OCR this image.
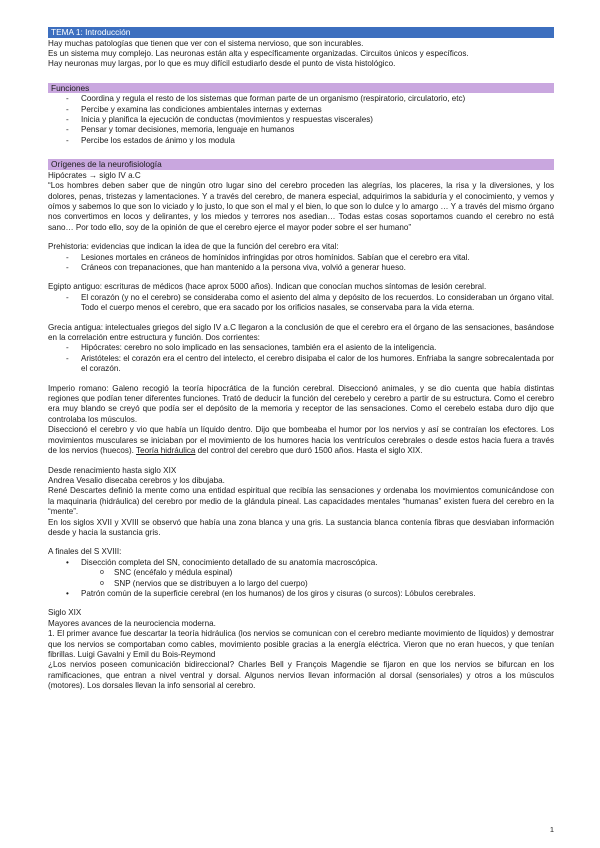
TEMA 1: Introducción

Hay muchas patologías que tienen que ver con el sistema nervioso, que son incurables.

Es un sistema muy complejo. Las neuronas están alta y específicamente organizadas. Circuitos únicos y específicos.

Hay neuronas muy largas, por lo que es muy difícil estudiarlo desde el punto de vista histológico.

Funciones
- Coordina y regula el resto de los sistemas que forman parte de un organismo (respiratorio, circulatorio, etc)
- Percibe y examina las condiciones ambientales internas y externas
- Inicia y planifica la ejecución de conductas (movimientos y respuestas viscerales)
- Pensar y tomar decisiones, memoria, lenguaje en humanos
- Percibe los estados de ánimo y los modula
Orígenes de la neurofisiología

Hipócrates → siglo IV a.C

“Los hombres deben saber que de ningún otro lugar sino del cerebro proceden las alegrías, los placeres, la risa y la diversiones, y los dolores, penas, tristezas y lamentaciones. Y a través del cerebro, de manera especial, adquirimos la sabiduría y el conocimiento, y vemos y oímos y sabemos lo que son lo viciado y lo justo, lo que son el mal y el bien, lo que son lo dulce y lo amargo … Y a través del mismo órgano nos convertimos en locos y delirantes, y los miedos y terrores nos asedian… Todas estas cosas soportamos cuando el cerebro no está sano… Por todo ello, soy de la opinión de que el cerebro ejerce el mayor poder sobre el ser humano”

Prehistoria: evidencias que indican la idea de que la función del cerebro era vital:

- Lesiones mortales en cráneos de homínidos infringidas por otros homínidos. Sabían que el cerebro era vital.
- Cráneos con trepanaciones, que han mantenido a la persona viva, volvió a generar hueso.

Egipto antiguo: escrituras de médicos (hace aprox 5000 años). Indican que conocían muchos síntomas de lesión cerebral.

- El corazón (y no el cerebro) se consideraba como el asiento del alma y depósito de los recuerdos. Lo consideraban un órgano vital. Todo el cuerpo menos el cerebro, que era sacado por los orificios nasales, se conservaba para la vida eterna.

Grecia antigua: intelectuales griegos del siglo IV a.C llegaron a la conclusión de que el cerebro era el órgano de las sensaciones, basándose en la correlación entre estructura y función. Dos corrientes:

- Hipócrates: cerebro no solo implicado en las sensaciones, también era el asiento de la inteligencia.
- Aristóteles: el corazón era el centro del intelecto, el cerebro disipaba el calor de los humores. Enfriaba la sangre sobrecalentada por el corazón.

Imperio romano: Galeno recogió la teoría hipocrática de la función cerebral. Diseccionó animales, y se dio cuenta que había distintas regiones que podían tener diferentes funciones. Trató de deducir la función del cerebelo y cerebro a partir de su estructura. Como el cerebro era muy blando se creyó que podía ser el depósito de la memoria y receptor de las sensaciones. Como el cerebelo estaba duro dijo que controlaba los músculos.

Diseccionó el cerebro y vio que había un líquido dentro. Dijo que bombeaba el humor por los nervios y así se contraían los efectores. Los movimientos musculares se iniciaban por el movimiento de los humores hacia los ventrículos cerebrales o desde estos hacia fuera a través de los nervios (huecos). Teoría hidráulica del control del cerebro que duró 1500 años. Hasta el siglo XIX.

Desde renacimiento hasta siglo XIX

Andrea Vesalio disecaba cerebros y los dibujaba.

René Descartes definió la mente como una entidad espiritual que recibía las sensaciones y ordenaba los movimientos comunicándose con la maquinaria (hidráulica) del cerebro por medio de la glándula pineal. Las capacidades mentales “humanas” existen fuera del cerebro en la “mente”.

En los siglos XVII y XVIII se observó que había una zona blanca y una gris. La sustancia blanca contenía fibras que desviaban información desde y hacia la sustancia gris.

A finales del S XVIII:

• Disección completa del SN, conocimiento detallado de su anatomía macroscópica.
o SNC (encéfalo y médula espinal)
o SNP (nervios que se distribuyen a lo largo del cuerpo)
• Patrón común de la superficie cerebral (en los humanos) de los giros y cisuras (o surcos): Lóbulos cerebrales.

Siglo XIX

Mayores avances de la neurociencia moderna.

1. El primer avance fue descartar la teoría hidráulica (los nervios se comunican con el cerebro mediante movimiento de líquidos) y demostrar que los nervios se comportaban como cables, movimiento posible gracias a la energía eléctrica. Vieron que no eran huecos, y que tenían fibrillas. Luigi Gavalni y Emil du Bois-Reymond

¿Los nervios poseen comunicación bidireccional? Charles Bell y François Magendie se fijaron en que los nervios se bifurcan en los ramificaciones, que entran a nivel ventral y dorsal. Algunos nervios llevan información al dorsal (sensoriales) y otros a los músculos (motores). Los dorsales llevan la info sensorial al cerebro.

1
